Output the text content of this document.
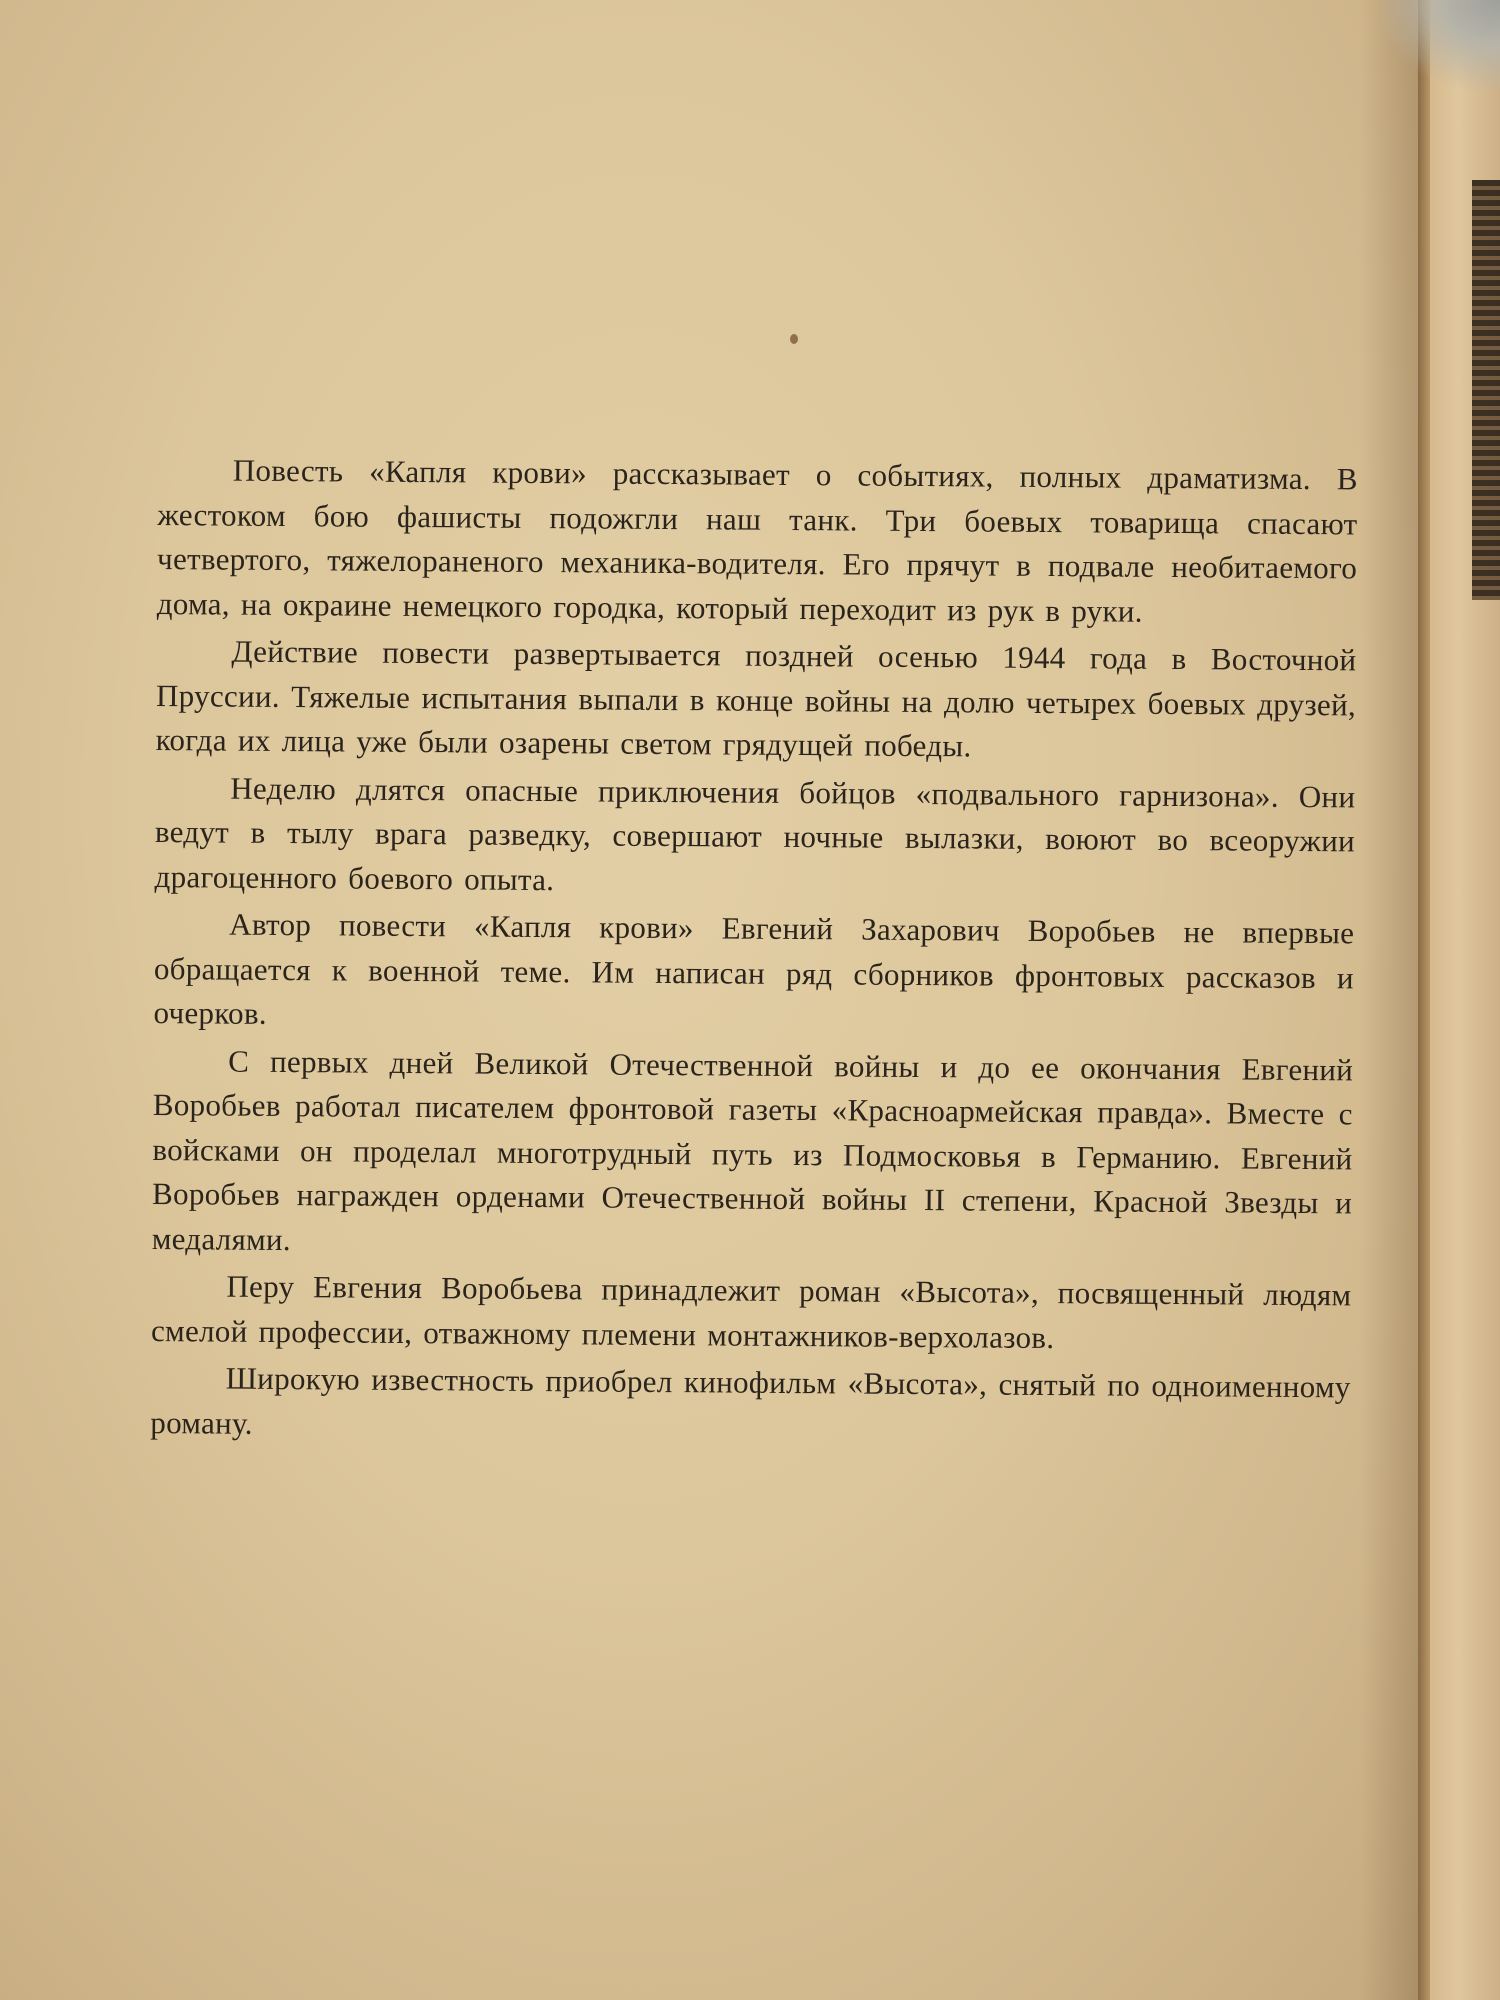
Повесть «Капля крови» рассказывает о событиях, полных драматизма. В жестоком бою фашисты подожгли наш танк. Три боевых товарища спасают четвертого, тяжелораненого механика-водителя. Его прячут в подвале необитаемого дома, на окраине немецкого городка, который переходит из рук в руки.

Действие повести развертывается поздней осенью 1944 года в Восточной Пруссии. Тяжелые испытания выпали в конце войны на долю четырех боевых друзей, когда их лица уже были озарены светом грядущей победы.

Неделю длятся опасные приключения бойцов «подвального гарнизона». Они ведут в тылу врага разведку, совершают ночные вылазки, воюют во всеоружии драгоценного боевого опыта.

Автор повести «Капля крови» Евгений Захарович Воробьев не впервые обращается к военной теме. Им написан ряд сборников фронтовых рассказов и очерков.

С первых дней Великой Отечественной войны и до ее окончания Евгений Воробьев работал писателем фронтовой газеты «Красноармейская правда». Вместе с войсками он проделал многотрудный путь из Подмосковья в Германию. Евгений Воробьев награжден орденами Отечественной войны II степени, Красной Звезды и медалями.

Перу Евгения Воробьева принадлежит роман «Высота», посвященный людям смелой профессии, отважному племени монтажников-верхолазов.

Широкую известность приобрел кинофильм «Высота», снятый по одноименному роману.
